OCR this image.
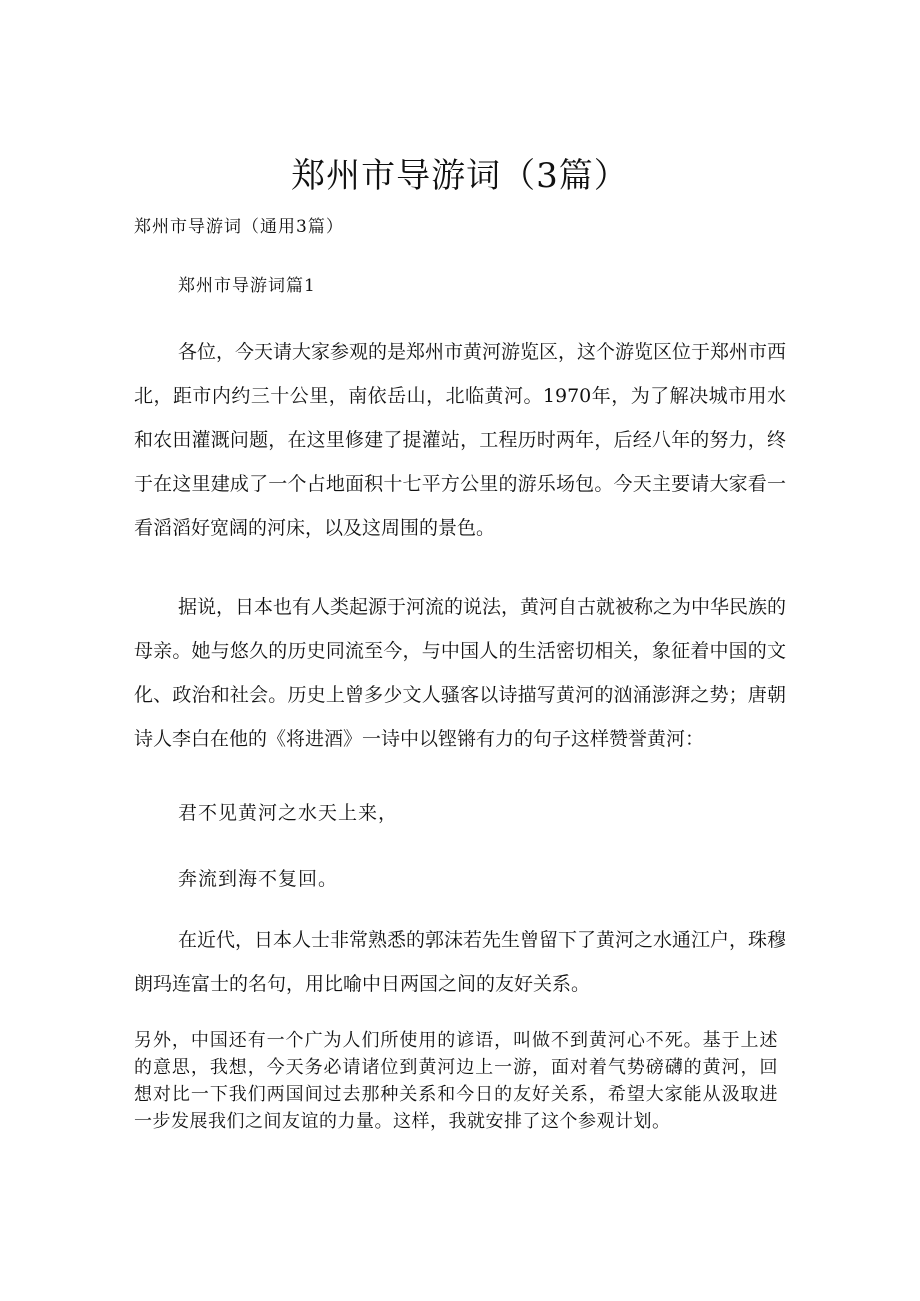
郑州市导游词（3篇）
郑州市导游词（通用3篇）
郑州市导游词篇1

各位，今天请大家参观的是郑州市黄河游览区，这个游览区位于郑州市西北，距市内约三十公里，南依岳山，北临黄河。1970年，为了解决城市用水和农田灌溉问题，在这里修建了提灌站，工程历时两年，后经八年的努力，终于在这里建成了一个占地面积十七平方公里的游乐场包。今天主要请大家看一看滔滔好宽阔的河床，以及这周围的景色。

据说，日本也有人类起源于河流的说法，黄河自古就被称之为中华民族的母亲。她与悠久的历史同流至今，与中国人的生活密切相关，象征着中国的文化、政治和社会。历史上曾多少文人骚客以诗描写黄河的汹涌澎湃之势；唐朝诗人李白在他的《将进酒》一诗中以铿锵有力的句子这样赞誉黄河：

君不见黄河之水天上来，
奔流到海不复回。

在近代，日本人士非常熟悉的郭沫若先生曾留下了黄河之水通江户，珠穆朗玛连富士的名句，用比喻中日两国之间的友好关系。

另外，中国还有一个广为人们所使用的谚语，叫做不到黄河心不死。基于上述的意思，我想，今天务必请诸位到黄河边上一游，面对着气势磅礴的黄河，回想对比一下我们两国间过去那种关系和今日的友好关系，希望大家能从汲取进一步发展我们之间友谊的力量。这样，我就安排了这个参观计划。
